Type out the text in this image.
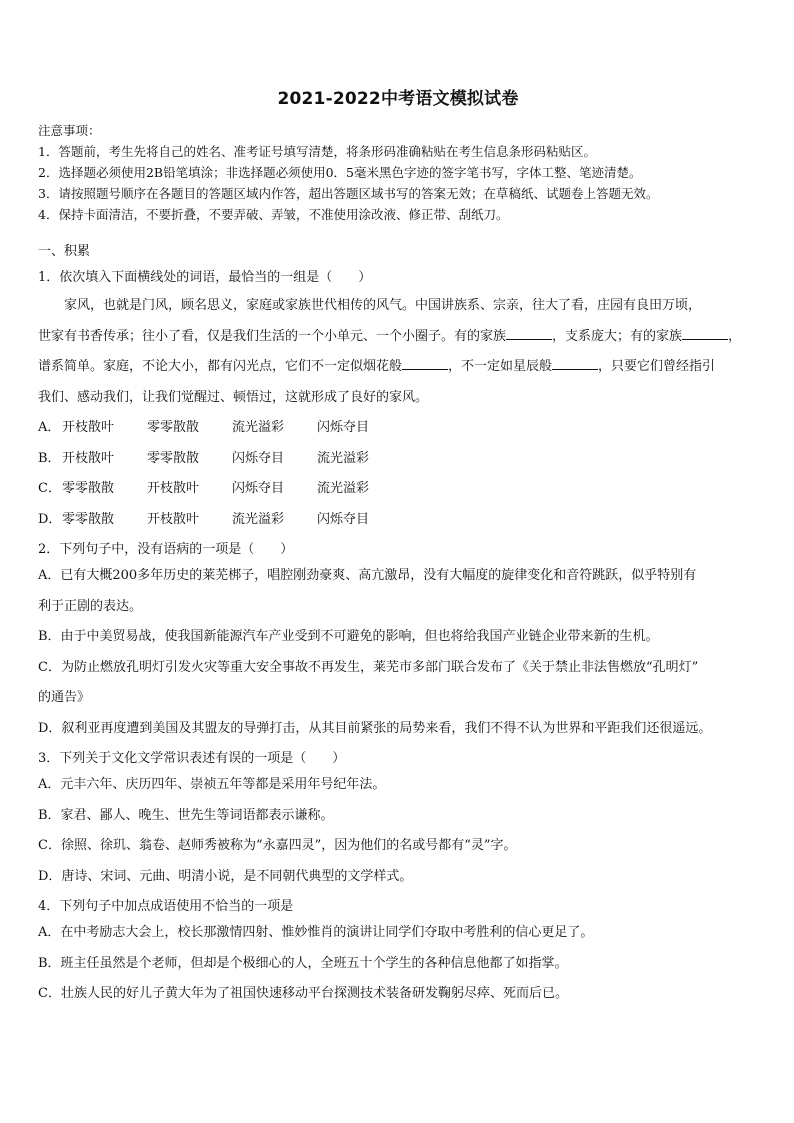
2021-2022中考语文模拟试卷
注意事项：
1．答题前，考生先将自己的姓名、准考证号填写清楚，将条形码准确粘贴在考生信息条形码粘贴区。
2．选择题必须使用2B铅笔填涂；非选择题必须使用0．5毫米黑色字迹的签字笔书写，字体工整、笔迹清楚。
3．请按照题号顺序在各题目的答题区域内作答，超出答题区域书写的答案无效；在草稿纸、试题卷上答题无效。
4．保持卡面清洁，不要折叠，不要弄破、弄皱，不准使用涂改液、修正带、刮纸刀。
一、积累
1．依次填入下面横线处的词语，最恰当的一组是（　　）
家风，也就是门风，顾名思义，家庭或家族世代相传的风气。中国讲族系、宗亲，往大了看，庄园有良田万顷，
世家有书香传承；往小了看，仅是我们生活的一个小单元、一个小圈子。有的家族	，支系庞大；有的家族	，
谱系简单。家庭，不论大小，都有闪光点，它们不一定似烟花般	，不一定如星辰般	，只要它们曾经指引
我们、感动我们，让我们觉醒过、顿悟过，这就形成了良好的家风。
A． 开枝散叶	零零散散	流光溢彩	闪烁夺目
B． 开枝散叶	零零散散	闪烁夺目	流光溢彩
C． 零零散散	开枝散叶	闪烁夺目	流光溢彩
D． 零零散散	开枝散叶	流光溢彩	闪烁夺目
2．下列句子中，没有语病的一项是（　　）
A．已有大概200多年历史的莱芜梆子，唱腔刚劲豪爽、高亢激昂，没有大幅度的旋律变化和音符跳跃，似乎特别有
利于正剧的表达。
B．由于中美贸易战，使我国新能源汽车产业受到不可避免的影响，但也将给我国产业链企业带来新的生机。
C．为防止燃放孔明灯引发火灾等重大安全事故不再发生，莱芜市多部门联合发布了《关于禁止非法售燃放“孔明灯”
的通告》
D．叙利亚再度遭到美国及其盟友的导弹打击，从其目前紧张的局势来看，我们不得不认为世界和平距我们还很遥远。
3．下列关于文化文学常识表述有误的一项是（　　）
A．元丰六年、庆历四年、崇祯五年等都是采用年号纪年法。
B．家君、鄙人、晚生、世先生等词语都表示谦称。
C．徐照、徐玑、翁卷、赵师秀被称为“永嘉四灵”，因为他们的名或号都有“灵”字。
D．唐诗、宋词、元曲、明清小说，是不同朝代典型的文学样式。
4．下列句子中加点成语使用不恰当的一项是
A．在中考励志大会上，校长那激情四射、惟妙惟肖的演讲让同学们夺取中考胜利的信心更足了。
B．班主任虽然是个老师，但却是个极细心的人，全班五十个学生的各种信息他都了如指掌。
C．壮族人民的好儿子黄大年为了祖国快速移动平台探测技术装备研发鞠躬尽瘁、死而后已。
